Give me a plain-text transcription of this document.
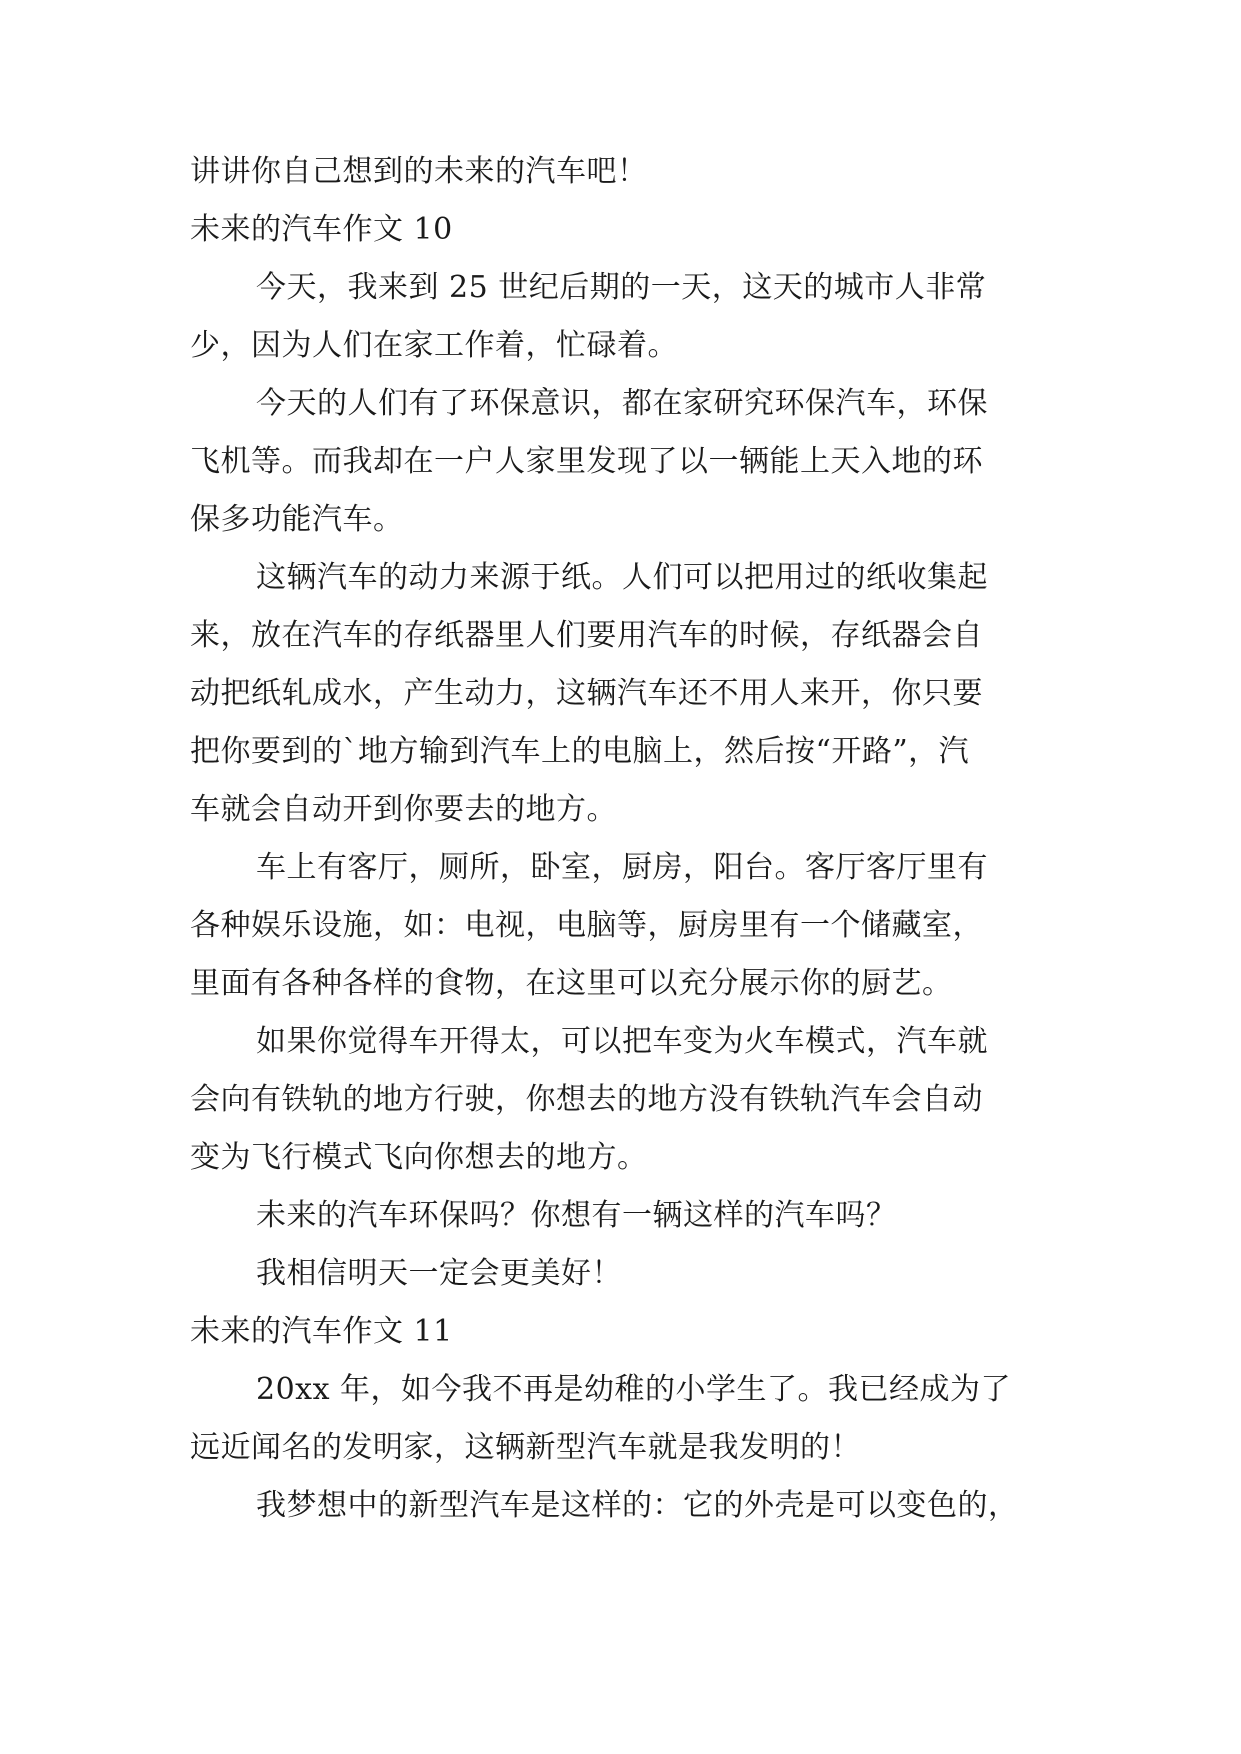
讲讲你自己想到的未来的汽车吧！
未来的汽车作文 10
今天，我来到 25 世纪后期的一天，这天的城市人非常
少，因为人们在家工作着，忙碌着。
今天的人们有了环保意识，都在家研究环保汽车，环保
飞机等。而我却在一户人家里发现了以一辆能上天入地的环
保多功能汽车。
这辆汽车的动力来源于纸。人们可以把用过的纸收集起
来，放在汽车的存纸器里人们要用汽车的时候，存纸器会自
动把纸轧成水，产生动力，这辆汽车还不用人来开，你只要
把你要到的`地方输到汽车上的电脑上，然后按“开路”，汽
车就会自动开到你要去的地方。
车上有客厅，厕所，卧室，厨房，阳台。客厅客厅里有
各种娱乐设施，如：电视，电脑等，厨房里有一个储藏室，
里面有各种各样的食物，在这里可以充分展示你的厨艺。
如果你觉得车开得太，可以把车变为火车模式，汽车就
会向有铁轨的地方行驶，你想去的地方没有铁轨汽车会自动
变为飞行模式飞向你想去的地方。
未来的汽车环保吗？你想有一辆这样的汽车吗？
我相信明天一定会更美好！
未来的汽车作文 11
20xx 年，如今我不再是幼稚的小学生了。我已经成为了
远近闻名的发明家，这辆新型汽车就是我发明的！
我梦想中的新型汽车是这样的：它的外壳是可以变色的，
